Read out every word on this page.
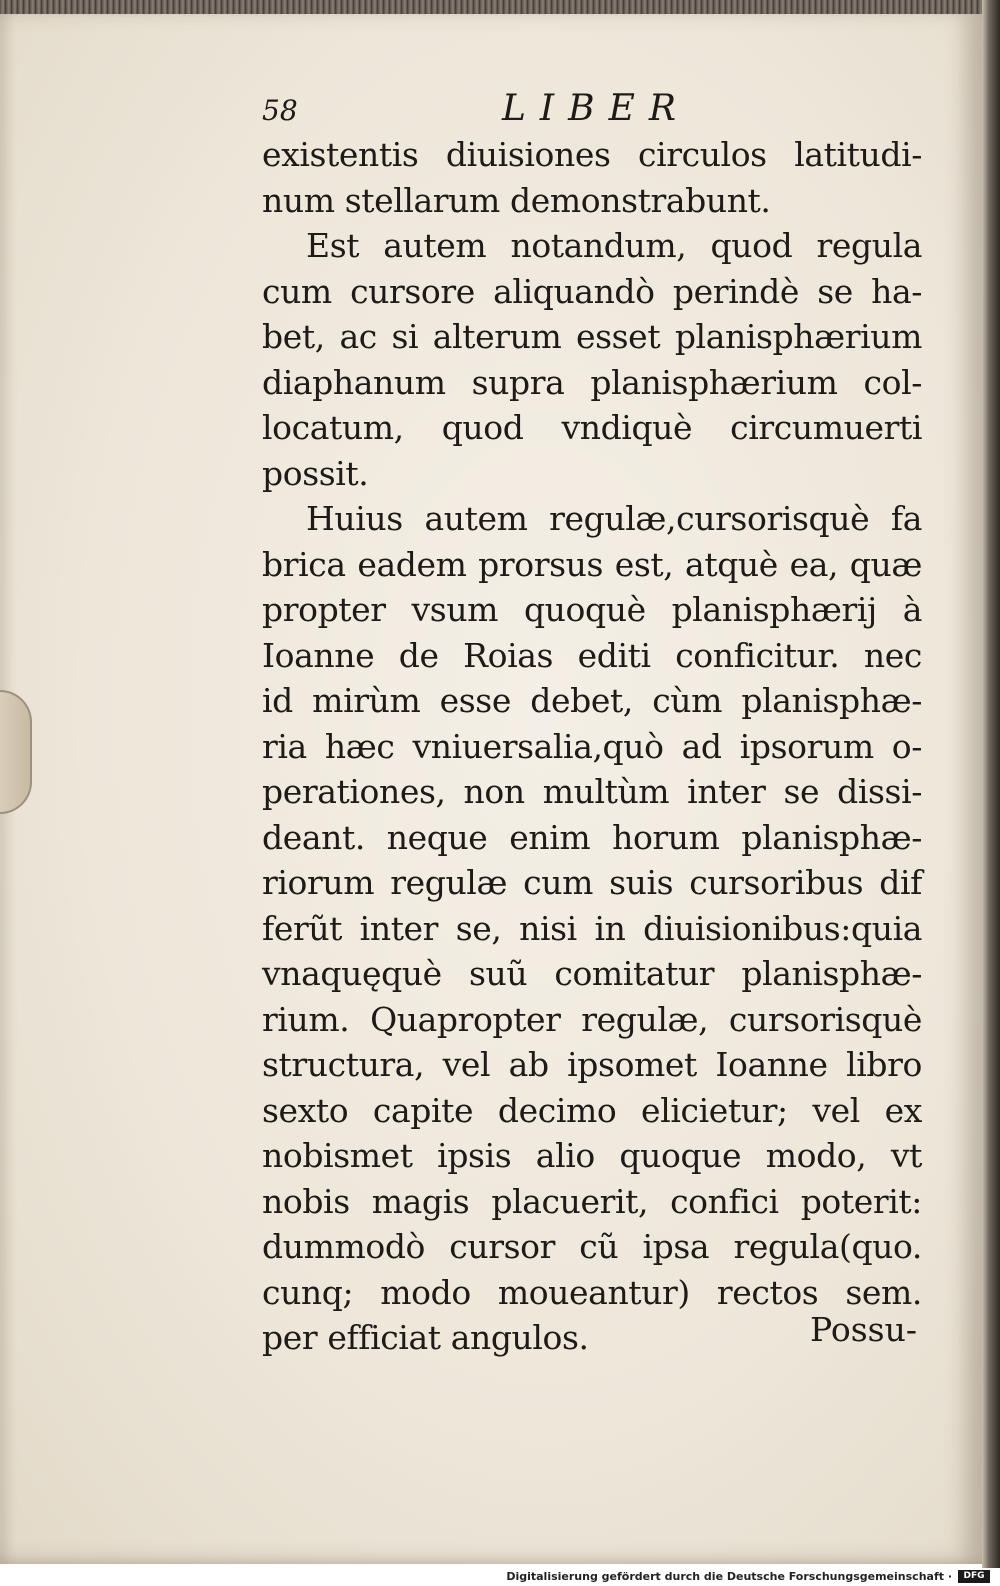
58	LIBER
existentis diuisiones circulos latitudi-
num stellarum demonstrabunt.
Est autem notandum, quod regula
cum cursore aliquandò perindè se ha-
bet, ac si alterum esset planisphærium
diaphanum supra planisphærium col-
locatum, quod vndiquè circumuerti
possit.
Huius autem regulæ,cursorisquè fa
brica eadem prorsus est, atquè ea, quæ
propter vsum quoquè planisphærij à
Ioanne de Roias editi conficitur. nec
id mirùm esse debet, cùm planisphæ-
ria hæc vniuersalia,quò ad ipsorum o-
perationes, non multùm inter se dissi-
deant. neque enim horum planisphæ-
riorum regulæ cum suis cursoribus dif
ferũt inter se, nisi in diuisionibus:quia
vnaquęquè suũ comitatur planisphæ-
rium. Quapropter regulæ, cursorisquè
structura, vel ab ipsomet Ioanne libro
sexto capite decimo elicietur; vel ex
nobismet ipsis alio quoque modo, vt
nobis magis placuerit, confici poterit:
dummodò cursor cũ ipsa regula(quo.
cunq; modo moueantur) rectos sem.
per efficiat angulos.	Possu-
Digitalisierung gefördert durch die Deutsche Forschungsgemeinschaft ·	DFG
